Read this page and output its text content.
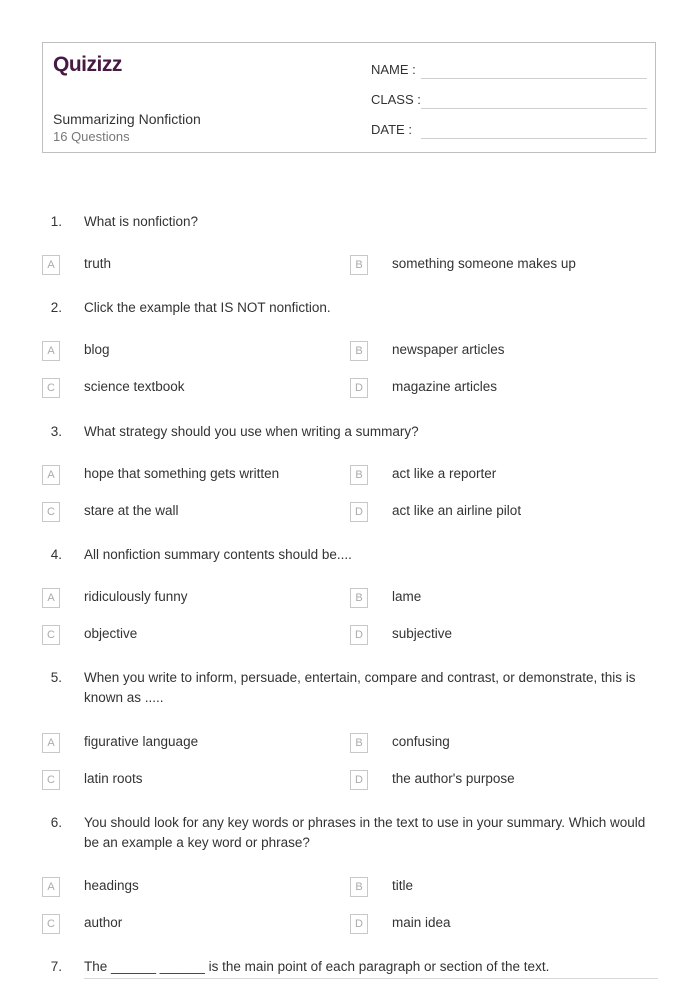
Quizizz
Summarizing Nonfiction
16 Questions
NAME :
CLASS :
DATE :
1. What is nonfiction?
A	truth	B	something someone makes up
2. Click the example that IS NOT nonfiction.
A	blog	B	newspaper articles
C	science textbook	D	magazine articles
3. What strategy should you use when writing a summary?
A	hope that something gets written	B	act like a reporter
C	stare at the wall	D	act like an airline pilot
4. All nonfiction summary contents should be....
A	ridiculously funny	B	lame
C	objective	D	subjective
5. When you write to inform, persuade, entertain, compare and contrast, or demonstrate, this is known as .....
A	figurative language	B	confusing
C	latin roots	D	the author's purpose
6. You should look for any key words or phrases in the text to use in your summary. Which would be an example a key word or phrase?
A	headings	B	title
C	author	D	main idea
7. The ______ ______ is the main point of each paragraph or section of the text.
